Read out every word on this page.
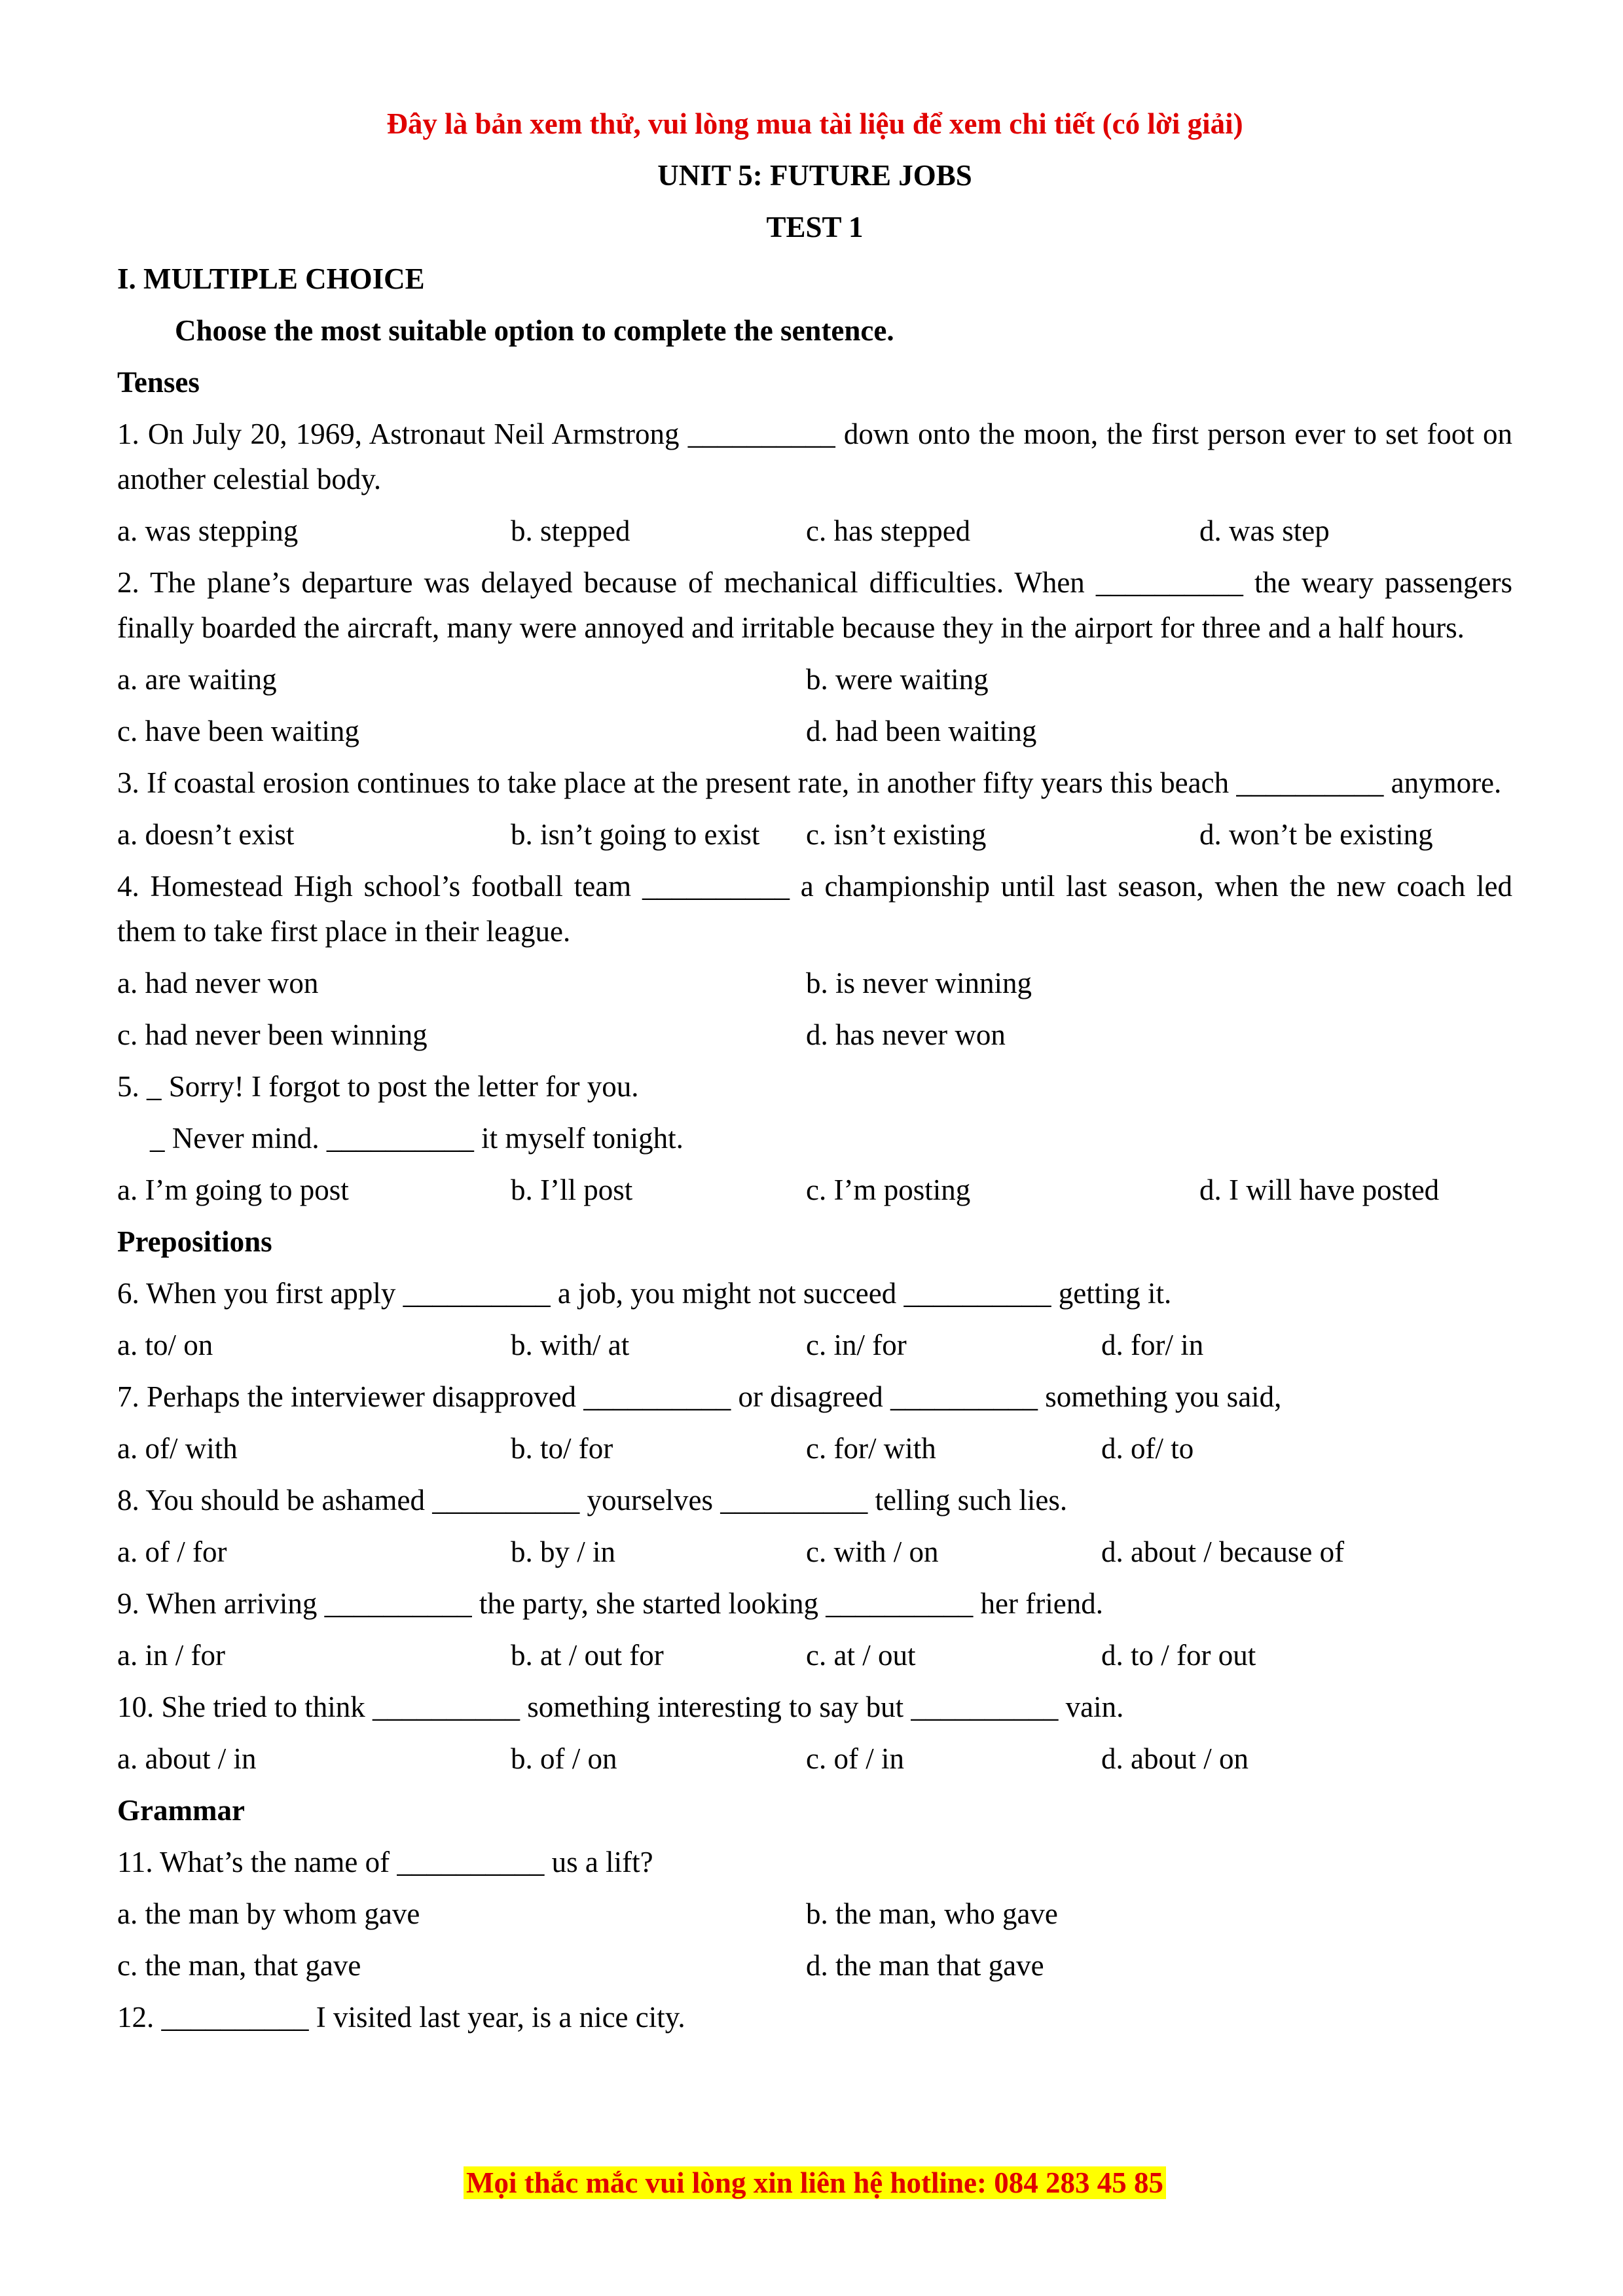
Đây là bản xem thử, vui lòng mua tài liệu để xem chi tiết (có lời giải)
UNIT 5: FUTURE JOBS
TEST 1
I. MULTIPLE CHOICE
Choose the most suitable option to complete the sentence.
Tenses
1. On July 20, 1969, Astronaut Neil Armstrong __________ down onto the moon, the first person ever to set foot on another celestial body.
a. was stepping	b. stepped	c. has stepped	d. was step
2. The plane’s departure was delayed because of mechanical difficulties. When __________ the weary passengers finally boarded the aircraft, many were annoyed and irritable because they in the airport for three and a half hours.
a. are waiting	b. were waiting
c. have been waiting	d. had been waiting
3. If coastal erosion continues to take place at the present rate, in another fifty years this beach __________ anymore.
a. doesn’t exist	b. isn’t going to exist	c. isn’t existing	d. won’t be existing
4. Homestead High school’s football team __________ a championship until last season, when the new coach led them to take first place in their league.
a. had never won	b. is never winning
c. had never been winning	d. has never won
5. _ Sorry! I forgot to post the letter for you.
_ Never mind. __________ it myself tonight.
a. I’m going to post	b. I’ll post	c. I’m posting	d. I will have posted
Prepositions
6. When you first apply __________ a job, you might not succeed __________ getting it.
a. to/ on	b. with/ at	c. in/ for	d. for/ in
7. Perhaps the interviewer disapproved __________ or disagreed __________ something you said,
a. of/ with	b. to/ for	c. for/ with	d. of/ to
8. You should be ashamed __________ yourselves __________ telling such lies.
a. of / for	b. by / in	c. with / on	d. about / because of
9. When arriving __________ the party, she started looking __________ her friend.
a. in / for	b. at / out for	c. at / out	d. to / for out
10. She tried to think __________ something interesting to say but __________ vain.
a. about / in	b. of / on	c. of / in	d. about / on
Grammar
11. What’s the name of __________ us a lift?
a. the man by whom gave	b. the man, who gave
c. the man, that gave	d. the man that gave
12. __________ I visited last year, is a nice city.
Mọi thắc mắc vui lòng xin liên hệ hotline: 084 283 45 85
